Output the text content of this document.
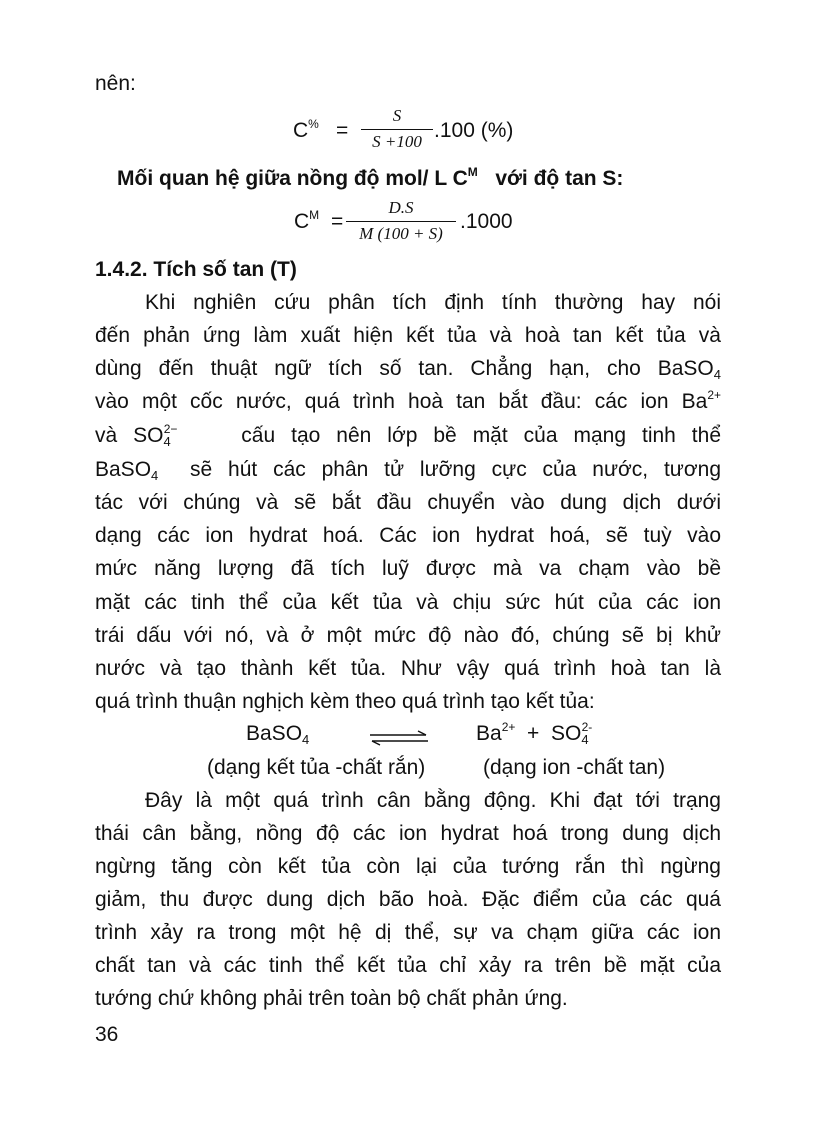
nên:
C% =
S
S +100 .100 (%)
Mối quan hệ giữa nồng độ mol/ L $C^M$ với độ tan S:
$C^M$ =
D.S
M (100 + S)
.1000
1.4.2. Tích số tan (T)
Khi nghiên cứu phân tích định tính thường hay nói
đến phản ứng làm xuất hiện kết tủa và hoà tan kết tủa và
dùng đến thuật ngữ tích số tan. Chẳng hạn, cho BaSO$_4$
vào một cốc nước, quá trình hoà tan bắt đầu: các ion $Ba^{2+}$
và $SO_4^{2-}$	cấu tạo nên lớp bề mặt của mạng tinh thể
BaSO$_4$ sẽ hút các phân tử lưỡng cực của nước, tương
tác với chúng và sẽ bắt đầu chuyển vào dung dịch dưới
dạng các ion hydrat hoá. Các ion hydrat hoá, sẽ tuỳ vào
mức năng lượng đã tích luỹ được mà va chạm vào bề
mặt các tinh thể của kết tủa và chịu sức hút của các ion
trái dấu với nó, và ở một mức độ nào đó, chúng sẽ bị khử
nước và tạo thành kết tủa. Như vậy quá trình hoà tan là
quá trình thuận nghịch kèm theo quá trình tạo kết tủa:
BaSO$_4$	$Ba^{2+} + SO_4^{2-}$
(dạng kết tủa -chất rắn)	(dạng ion -chất tan)
Đây là một quá trình cân bằng động. Khi đạt tới trạng
thái cân bằng, nồng độ các ion hydrat hoá trong dung dịch
ngừng tăng còn kết tủa còn lại của tướng rắn thì ngừng
giảm, thu được dung dịch bão hoà. Đặc điểm của các quá
trình xảy ra trong một hệ dị thể, sự va chạm giữa các ion
chất tan và các tinh thể kết tủa chỉ xảy ra trên bề mặt của
tướng chứ không phải trên toàn bộ chất phản ứng.
36
